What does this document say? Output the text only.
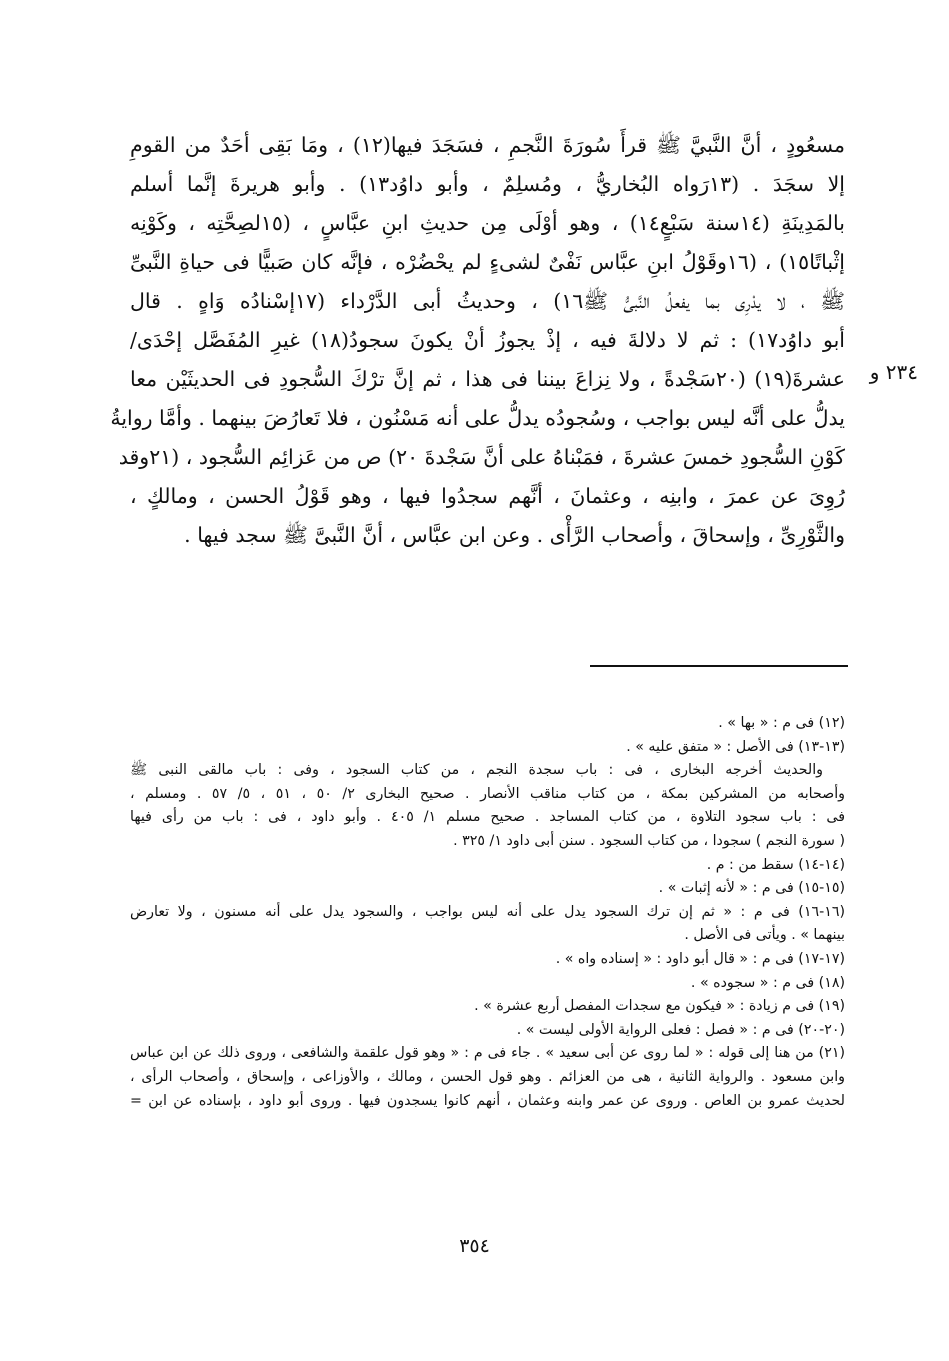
مسعُودٍ ، أنَّ النَّبيَّ ﷺ قرأَ سُورَةَ النَّجمِ ، فسَجَدَ فيها(١٢) ، ومَا بَقِى أحَدٌ من القومِ
إلا سجَدَ . (١٣رَواه البُخاريُّ ، ومُسلِمٌ ، وأبو داوُد١٣) . وأبو هريرةَ إنَّما أسلم
بالمَدِينَةِ (١٤سنة سَبْعٍ١٤) ، وهو أوْلَى مِن حديثِ ابنِ عبَّاسٍ ، (١٥لصِحَّتِه ، وكَوْنِه
إثْباتًا١٥) ، (١٦وقَوْلُ ابنِ عبَّاس نَفْىٌ لشىءٍ لم يحْضُرْه ، فإنَّه كان صَبيًّا فى حياةِ النَّبىِّ
ﷺ ، لا يدْرِى بما يفعلُ النَّبىُّ ﷺ١٦) ، وحديثُ أبى الدَّرْداء (١٧إسْنادُه وَاهٍ . قال
أبو داوُد١٧) : ثم لا دلالةَ فيه ، إذْ يجوزُ أنْ يكونَ سجودُ(١٨) غيرِ المُفَصَّل إحْدَى/
عشرةَ(١٩) (٢٠سَجْدةً ، ولا نِزاعَ بيننا فى هذا ، ثم إنَّ ترْكَ السُّجودِ فى الحديثَيْن معا
يدلُّ على أنَّه ليس بواجب ، وسُجودُه يدلُّ على أنه مَسْنُون ، فلا تَعارُضَ بينهما . وأمَّا روايةُ
كَوْنِ السُّجودِ خمسَ عشرةَ ، فمَبْناهُ على أنَّ سَجْدةَ ٢٠) ص من عَزائِم السُّجود ، (٢١وقد
رُوِىَ عن عمرَ ، وابنِه ، وعثمانَ ، أنَّهم سجدُوا فيها ، وهو قَوْلُ الحسن ، ومالكٍ ،
والثَّوْرِىِّ ، وإسحاقَ ، وأصحاب الرَّأْى . وعن ابن عبَّاس ، أنَّ النَّبىَّ ﷺ سجد فيها .
٢٣٤ و
(١٢) فى م : « بها » .
(١٣-١٣) فى الأصل : « متفق عليه » .
والحديث أخرجه البخارى ، فى : باب سجدة النجم ، من كتاب السجود ، وفى : باب مالقى النبى ﷺ
وأصحابه من المشركين بمكة ، من كتاب مناقب الأنصار . صحيح البخارى ٢/ ٥٠ ، ٥١ ، ٥/ ٥٧ . ومسلم ،
فى : باب سجود التلاوة ، من كتاب المساجد . صحيح مسلم ١/ ٤٠٥ . وأبو داود ، فى : باب من رأى فيها
( سورة النجم ) سجودا ، من كتاب السجود . سنن أبى داود ١/ ٣٢٥ .
(١٤-١٤) سقط من : م .
(١٥-١٥) فى م : « لأنه إثبات » .
(١٦-١٦) فى م : « ثم إن ترك السجود يدل على أنه ليس بواجب ، والسجود يدل على أنه مسنون ، ولا تعارض
بينهما » . ويأتى فى الأصل .
(١٧-١٧) فى م : « قال أبو داود : « إسناده واه » .
(١٨) فى م : « سجوده » .
(١٩) فى م زيادة : « فيكون مع سجدات المفصل أربع عشرة » .
(٢٠-٢٠) فى م : « فصل : فعلى الرواية الأولى ليست » .
(٢١) من هنا إلى قوله : « لما روى عن أبى سعيد » . جاء فى م : « وهو قول علقمة والشافعى ، وروى ذلك عن ابن عباس
وابن مسعود . والرواية الثانية ، هى من العزائم . وهو قول الحسن ، ومالك ، والأوزاعى ، وإسحاق ، وأصحاب الرأى ،
لحديث عمرو بن العاص . وروى عن عمر وابنه وعثمان ، أنهم كانوا يسجدون فيها . وروى أبو داود ، بإسناده عن ابن =
٣٥٤
